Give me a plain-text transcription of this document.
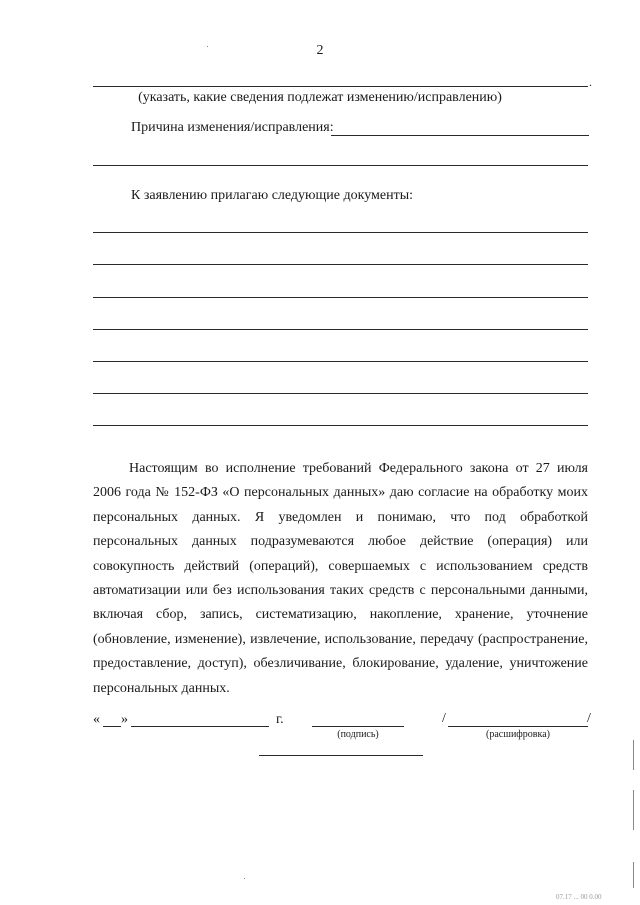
2
.
(указать, какие сведения подлежат изменению/исправлению)
Причина изменения/исправления:
К заявлению прилагаю следующие документы:
Настоящим во исполнение требований Федерального закона от 27 июля 2006 года № 152-ФЗ «О персональных данных» даю согласие на обработку моих персональных данных. Я уведомлен и понимаю, что под обработкой персональных данных подразумеваются любое действие (операция) или совокупность действий (операций), совершаемых с использованием средств автоматизации или без использования таких средств с персональными данными, включая сбор, запись, систематизацию, накопление, хранение, уточнение (обновление, изменение), извлечение, использование, передачу (распространение, предоставление, доступ), обезличивание, блокирование, удаление, уничтожение персональных данных.
« »	г.
(подпись)
/	/
(расшифровка)
07.17 ... 00 0.00
